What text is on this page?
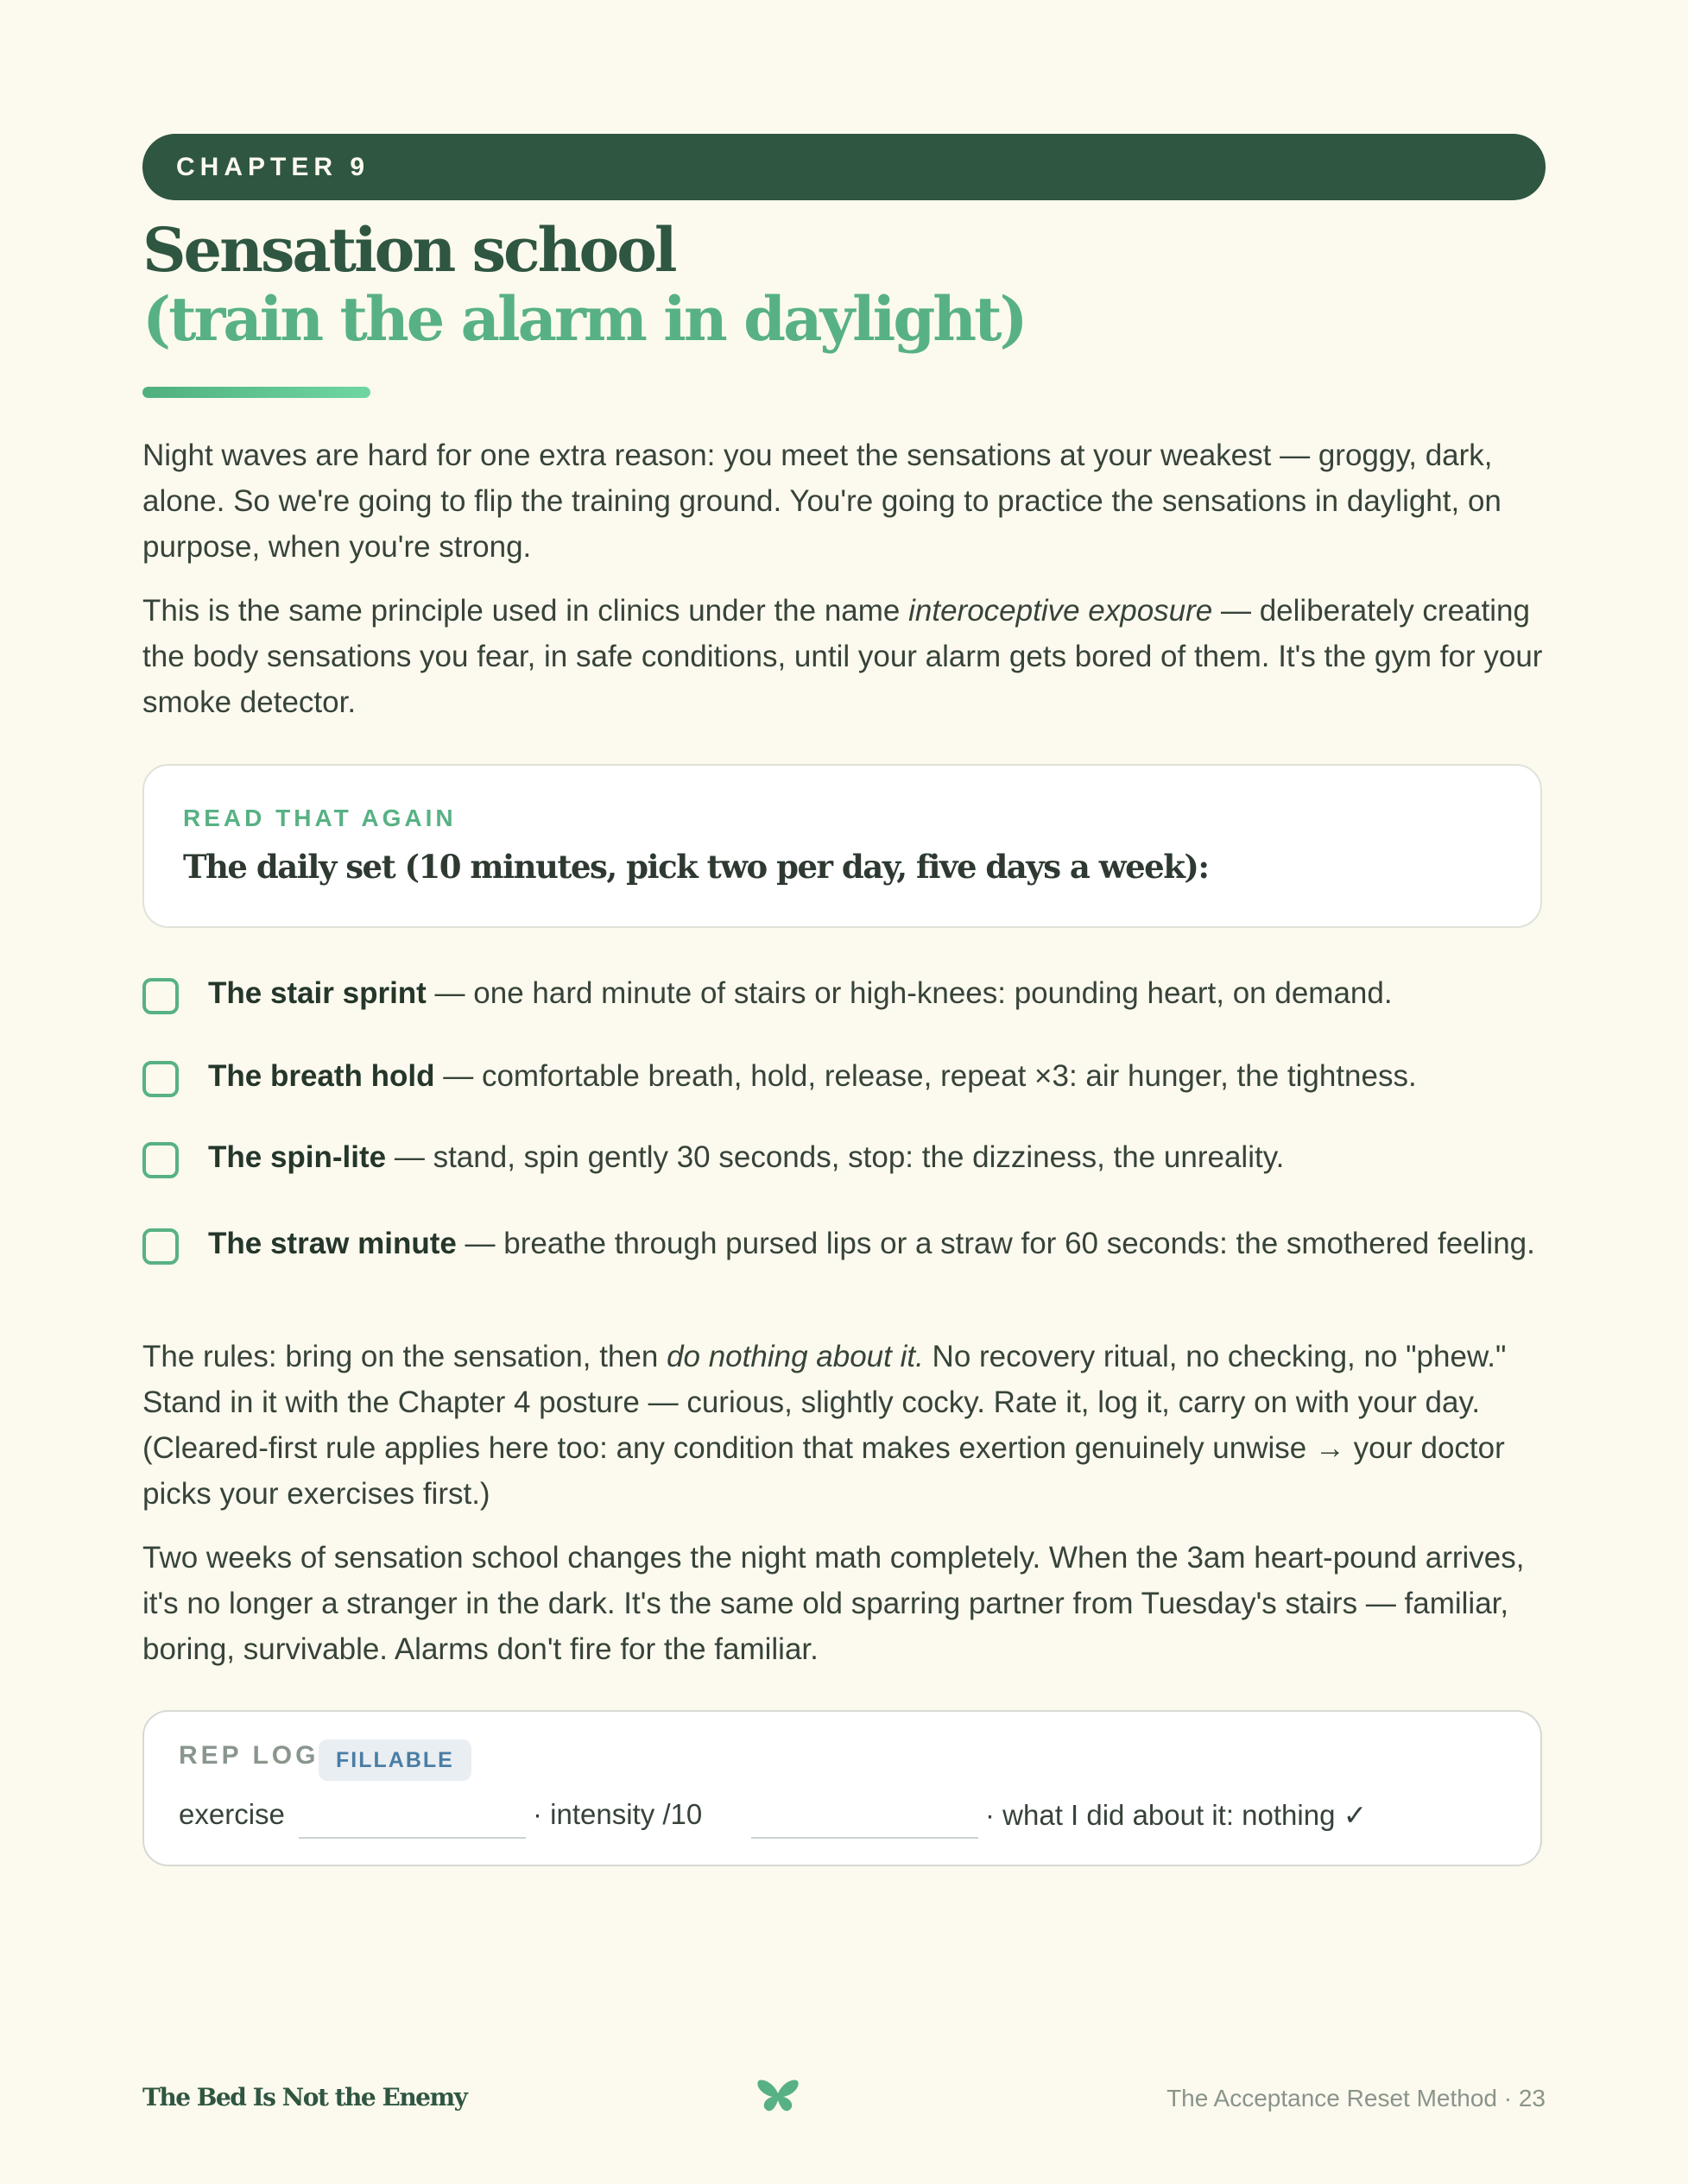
CHAPTER 9
Sensation school
(train the alarm in daylight)

Night waves are hard for one extra reason: you meet the sensations at your weakest — groggy, dark, alone. So we're going to flip the training ground. You're going to practice the sensations in daylight, on purpose, when you're strong.

This is the same principle used in clinics under the name interoceptive exposure — deliberately creating the body sensations you fear, in safe conditions, until your alarm gets bored of them. It's the gym for your smoke detector.

READ THAT AGAIN

The daily set (10 minutes, pick two per day, five days a week):

The stair sprint — one hard minute of stairs or high-knees: pounding heart, on demand.
The breath hold — comfortable breath, hold, release, repeat ×3: air hunger, the tightness.
The spin-lite — stand, spin gently 30 seconds, stop: the dizziness, the unreality.
The straw minute — breathe through pursed lips or a straw for 60 seconds: the smothered feeling.

The rules: bring on the sensation, then do nothing about it. No recovery ritual, no checking, no "phew." Stand in it with the Chapter 4 posture — curious, slightly cocky. Rate it, log it, carry on with your day. (Cleared-first rule applies here too: any condition that makes exertion genuinely unwise → your doctor picks your exercises first.)

Two weeks of sensation school changes the night math completely. When the 3am heart-pound arrives, it's no longer a stranger in the dark. It's the same old sparring partner from Tuesday's stairs — familiar, boring, survivable. Alarms don't fire for the familiar.

REP LOG FILLABLE
exercise	· intensity /10	· what I did about it: nothing ✓
The Bed Is Not the Enemy	The Acceptance Reset Method · 23
